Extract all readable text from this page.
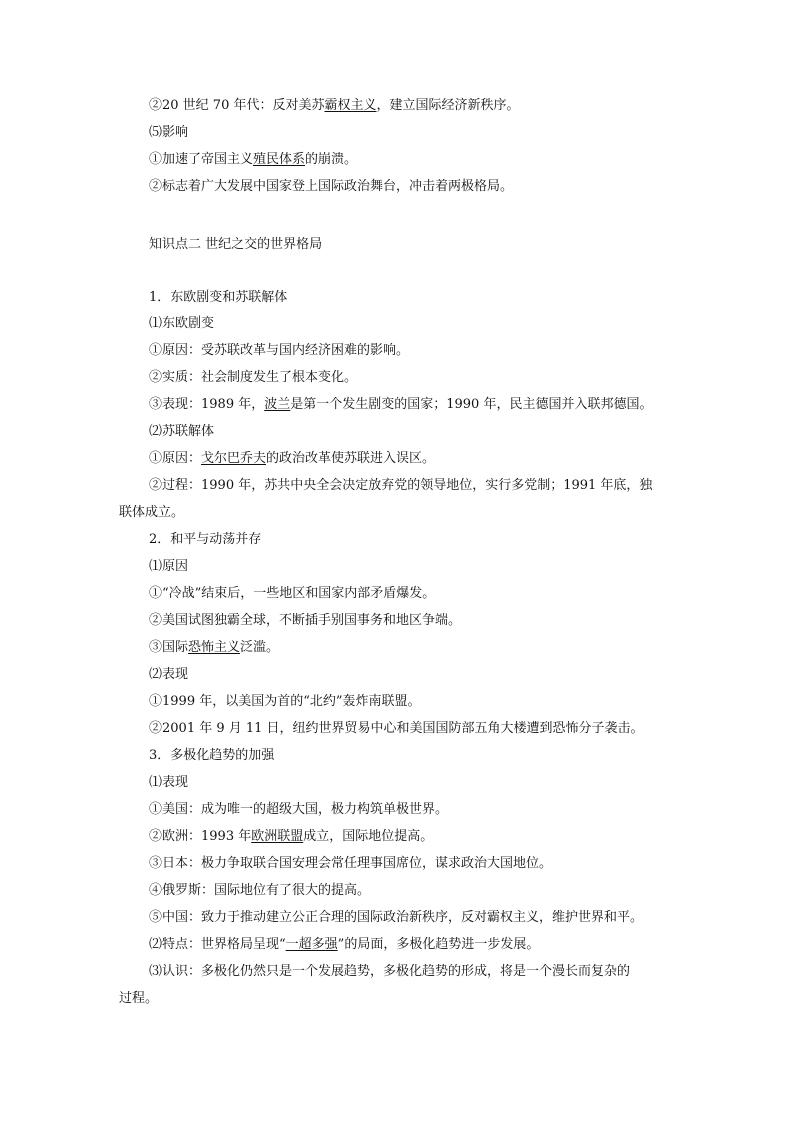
②20 世纪 70 年代：反对美苏霸权主义，建立国际经济新秩序。
⑸影响
①加速了帝国主义殖民体系的崩溃。
②标志着广大发展中国家登上国际政治舞台，冲击着两极格局。
知识点二 世纪之交的世界格局
1．东欧剧变和苏联解体
⑴东欧剧变
①原因：受苏联改革与国内经济困难的影响。
②实质：社会制度发生了根本变化。
③表现：1989 年，波兰是第一个发生剧变的国家；1990 年，民主德国并入联邦德国。
⑵苏联解体
①原因：戈尔巴乔夫的政治改革使苏联进入误区。
②过程：1990 年，苏共中央全会决定放弃党的领导地位，实行多党制；1991 年底，独
联体成立。
2．和平与动荡并存
⑴原因
①“冷战”结束后，一些地区和国家内部矛盾爆发。
②美国试图独霸全球，不断插手别国事务和地区争端。
③国际恐怖主义泛滥。
⑵表现
①1999 年，以美国为首的“北约”轰炸南联盟。
②2001 年 9 月 11 日，纽约世界贸易中心和美国国防部五角大楼遭到恐怖分子袭击。
3．多极化趋势的加强
⑴表现
①美国：成为唯一的超级大国，极力构筑单极世界。
②欧洲：1993 年欧洲联盟成立，国际地位提高。
③日本：极力争取联合国安理会常任理事国席位，谋求政治大国地位。
④俄罗斯：国际地位有了很大的提高。
⑤中国：致力于推动建立公正合理的国际政治新秩序，反对霸权主义，维护世界和平。
⑵特点：世界格局呈现“一超多强”的局面，多极化趋势进一步发展。
⑶认识：多极化仍然只是一个发展趋势，多极化趋势的形成，将是一个漫长而复杂的
过程。
